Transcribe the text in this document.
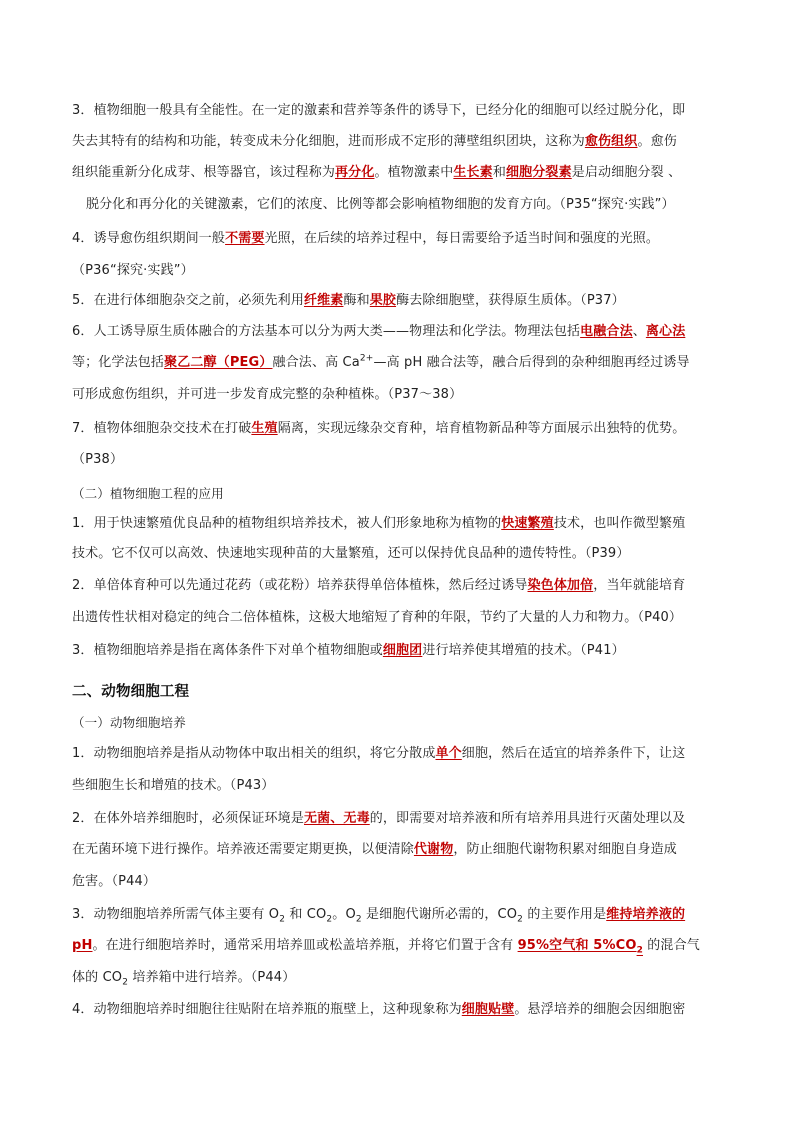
3．植物细胞一般具有全能性。在一定的激素和营养等条件的诱导下，已经分化的细胞可以经过脱分化，即
失去其特有的结构和功能，转变成未分化细胞，进而形成不定形的薄壁组织团块，这称为愈伤组织。愈伤
组织能重新分化成芽、根等器官，该过程称为再分化。植物激素中生长素和细胞分裂素是启动细胞分裂 、
脱分化和再分化的关键激素，它们的浓度、比例等都会影响植物细胞的发育方向。（P35“探究·实践”）
4．诱导愈伤组织期间一般不需要光照，在后续的培养过程中，每日需要给予适当时间和强度的光照。
（P36“探究·实践”）
5．在进行体细胞杂交之前，必须先利用纤维素酶和果胶酶去除细胞壁，获得原生质体。（P37）
6．人工诱导原生质体融合的方法基本可以分为两大类——物理法和化学法。物理法包括电融合法、离心法
等；化学法包括聚乙二醇（PEG）融合法、高 $Ca^{2+}—$高 pH 融合法等，融合后得到的杂种细胞再经过诱导
可形成愈伤组织，并可进一步发育成完整的杂种植株。（P37～38）
7．植物体细胞杂交技术在打破生殖隔离，实现远缘杂交育种，培育植物新品种等方面展示出独特的优势。
（P38）
（二）植物细胞工程的应用
1．用于快速繁殖优良品种的植物组织培养技术，被人们形象地称为植物的快速繁殖技术，也叫作微型繁殖
技术。它不仅可以高效、快速地实现种苗的大量繁殖，还可以保持优良品种的遗传特性。（P39）
2．单倍体育种可以先通过花药（或花粉）培养获得单倍体植株，然后经过诱导染色体加倍，当年就能培育
出遗传性状相对稳定的纯合二倍体植株，这极大地缩短了育种的年限，节约了大量的人力和物力。（P40）
3．植物细胞培养是指在离体条件下对单个植物细胞或细胞团进行培养使其增殖的技术。（P41）
二、动物细胞工程
（一）动物细胞培养
1．动物细胞培养是指从动物体中取出相关的组织，将它分散成单个细胞，然后在适宜的培养条件下，让这
些细胞生长和增殖的技术。（P43）
2．在体外培养细胞时，必须保证环境是无菌、无毒的，即需要对培养液和所有培养用具进行灭菌处理以及
在无菌环境下进行操作。培养液还需要定期更换，以便清除代谢物，防止细胞代谢物积累对细胞自身造成
危害。（P44）
3．动物细胞培养所需气体主要有 $O_2$ 和 $CO_2$。$O_2$ 是细胞代谢所必需的，$CO_2$ 的主要作用是维持培养液的
pH。在进行细胞培养时，通常采用培养皿或松盖培养瓶，并将它们置于含有 95%空气和 $5\%CO_2$ 的混合气
体的 $CO_2$ 培养箱中进行培养。（P44）
4．动物细胞培养时细胞往往贴附在培养瓶的瓶壁上，这种现象称为细胞贴壁。悬浮培养的细胞会因细胞密
